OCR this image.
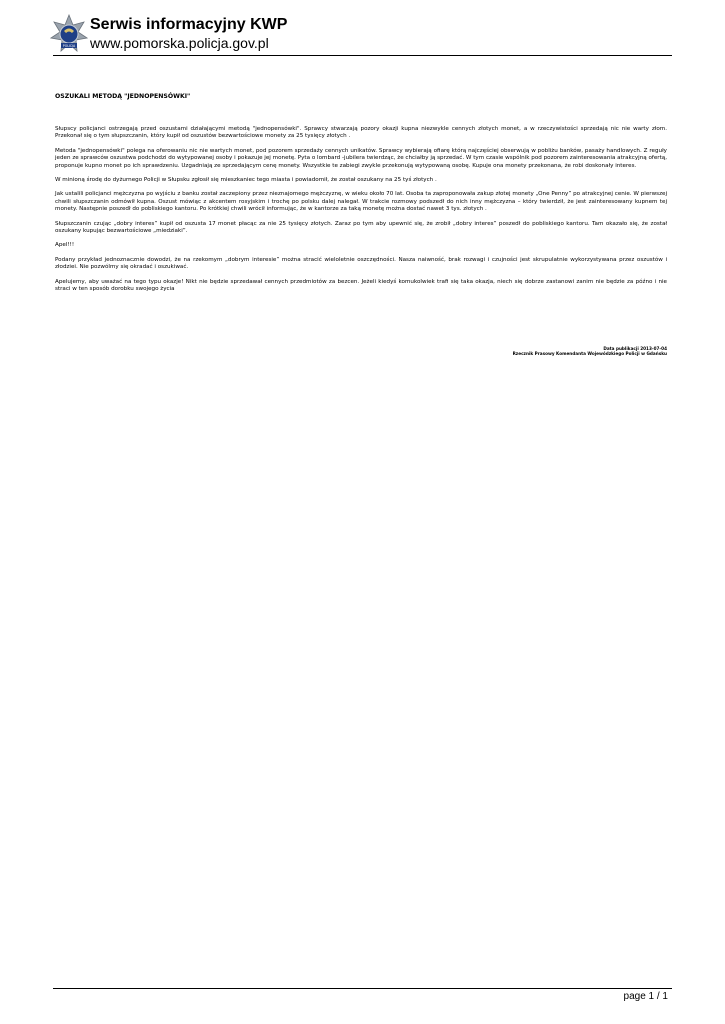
POLICJA
Serwis informacyjny KWP
www.pomorska.policja.gov.pl
OSZUKALI METODĄ "JEDNOPENSÓWKI"

Słupscy policjanci ostrzegają przed oszustami działającymi metodą "jednopensówki". Sprawcy stwarzają pozory okazji kupna niezwykle cennych złotych monet, a w rzeczywistości sprzedają nic nie warty złom. Przekonał się o tym słupszczanin, który kupił od oszustów bezwartościowe monety za 25 tysięcy złotych .

Metoda "jednopensówki" polega na oferowaniu nic nie wartych monet, pod pozorem sprzedaży cennych unikatów. Sprawcy wybierają ofiarę którą najczęściej obserwują w pobliżu banków, pasaży handlowych. Z reguły jeden ze sprawców oszustwa podchodzi do wytypowanej osoby i pokazuje jej monetę. Pyta o lombard -jubilera twierdząc, że chciałby ją sprzedać. W tym czasie wspólnik pod pozorem zainteresowania atrakcyjną ofertą, proponuje kupno monet po ich sprawdzeniu. Uzgadniają ze sprzedającym cenę monety. Wszystkie te zabiegi zwykle przekonują wytypowaną osobę. Kupuje ona monety przekonana, że robi doskonały interes.

W minioną środę do dyżurnego Policji w Słupsku zgłosił się mieszkaniec tego miasta i powiadomił, że został oszukany na 25 tyś złotych .

Jak ustalili policjanci mężczyzna po wyjściu z banku został zaczepiony przez nieznajomego mężczyznę, w wieku około 70 lat. Osoba ta zaproponowała zakup złotej monety „One Penny” po atrakcyjnej cenie. W pierwszej chwili słupszczanin odmówił kupna. Oszust mówiąc z akcentem rosyjskim i trochę po polsku dalej nalegał. W trakcie rozmowy podszedł do nich inny mężczyzna – który twierdził, że jest zainteresowany kupnem tej monety. Następnie poszedł do pobliskiego kantoru. Po krótkiej chwili wrócił informując, że w kantorze za taką monetę można dostać nawet 3 tys. złotych .

Słupszczanin czując „dobry interes” kupił od oszusta 17 monet płacąc za nie 25 tysięcy złotych. Zaraz po tym aby upewnić się, że zrobił „dobry interes” poszedł do pobliskiego kantoru. Tam okazało się, że został oszukany kupując bezwartościowe „miedziaki”.

Apel!!!

Podany przykład jednoznacznie dowodzi, że na rzekomym „dobrym interesie” można stracić wieloletnie oszczędności. Nasza naiwność, brak rozwagi i czujności jest skrupulatnie wykorzystywana przez oszustów i złodziei. Nie pozwólmy się okradać i oszukiwać.

Apelujemy, aby uważać na tego typu okazje! Nikt nie będzie sprzedawał cennych przedmiotów za bezcen. Jeżeli kiedyś komukolwiek trafi się taka okazja, niech się dobrze zastanowi zanim nie będzie za późno i nie straci w ten sposób dorobku swojego życia

Data publikacji 2013-07-04
Rzecznik Prasowy Komendanta Wojewódzkiego Policji w Gdańsku
page 1 / 1
